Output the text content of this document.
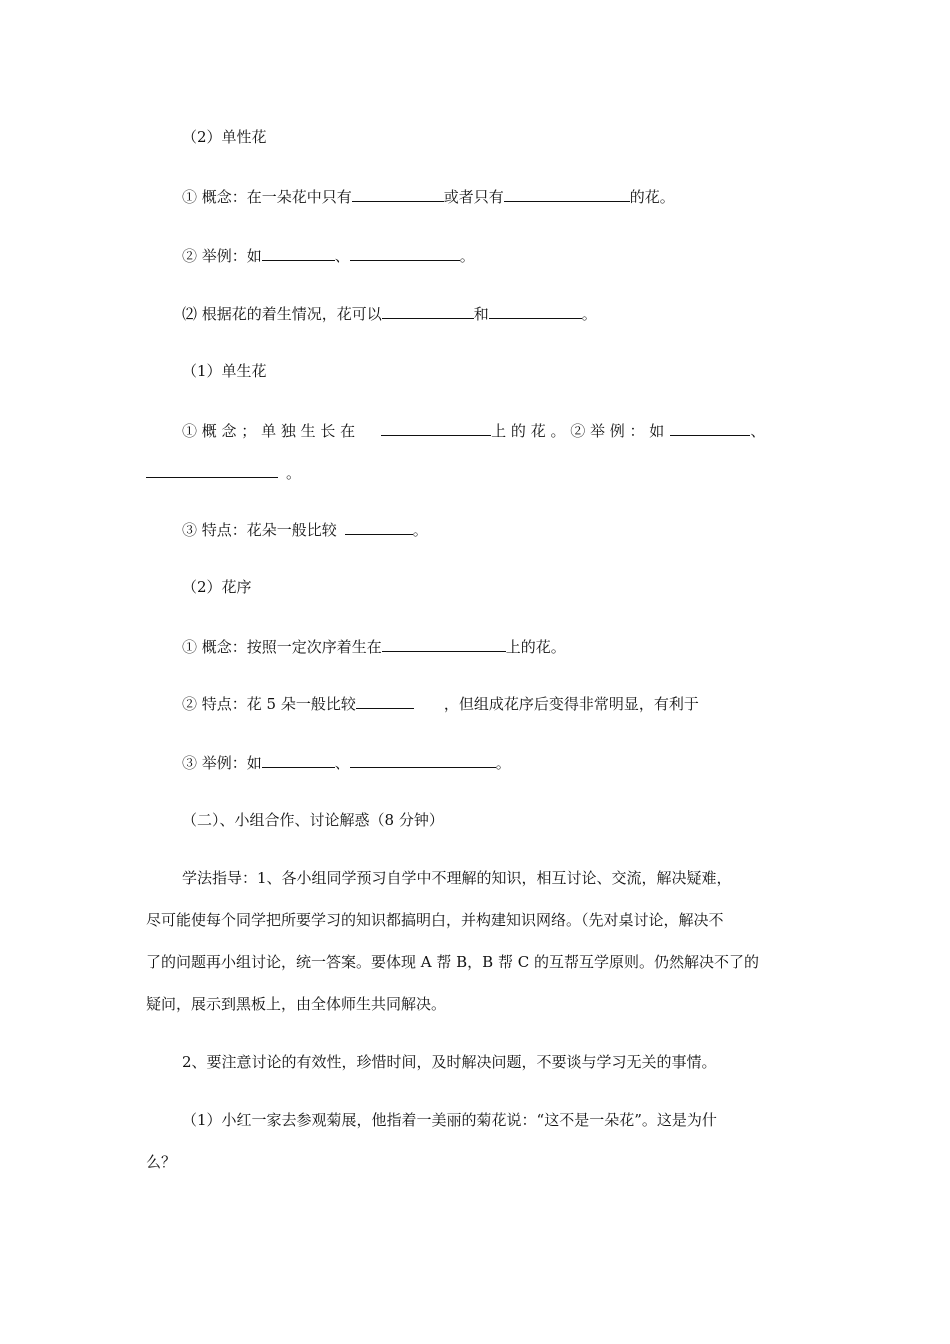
（2）单性花
① 概念：在一朵花中只有	或者只有	的花。
② 举例：如	、	。
⑵ 根据花的着生情况，花可以	和	。
（1）单生花
① 概 念 ； 单 独 生 长 在	上 的 花 。 ② 举 例 ： 如	、
。
③ 特点：花朵一般比较	。
（2）花序
① 概念：按照一定次序着生在	上的花。
② 特点：花 5 朵一般比较	，但组成花序后变得非常明显，有利于
③ 举例：如	、	。
（二）、小组合作、讨论解惑（8 分钟）
学法指导：1、各小组同学预习自学中不理解的知识，相互讨论、交流，解决疑难，
尽可能使每个同学把所要学习的知识都搞明白，并构建知识网络。（先对桌讨论，解决不
了的问题再小组讨论，统一答案。要体现 A 帮 B，B 帮 C 的互帮互学原则。仍然解决不了的
疑问，展示到黑板上，由全体师生共同解决。
2、要注意讨论的有效性，珍惜时间，及时解决问题，不要谈与学习无关的事情。
（1）小红一家去参观菊展，他指着一美丽的菊花说：“这不是一朵花”。这是为什
么？
